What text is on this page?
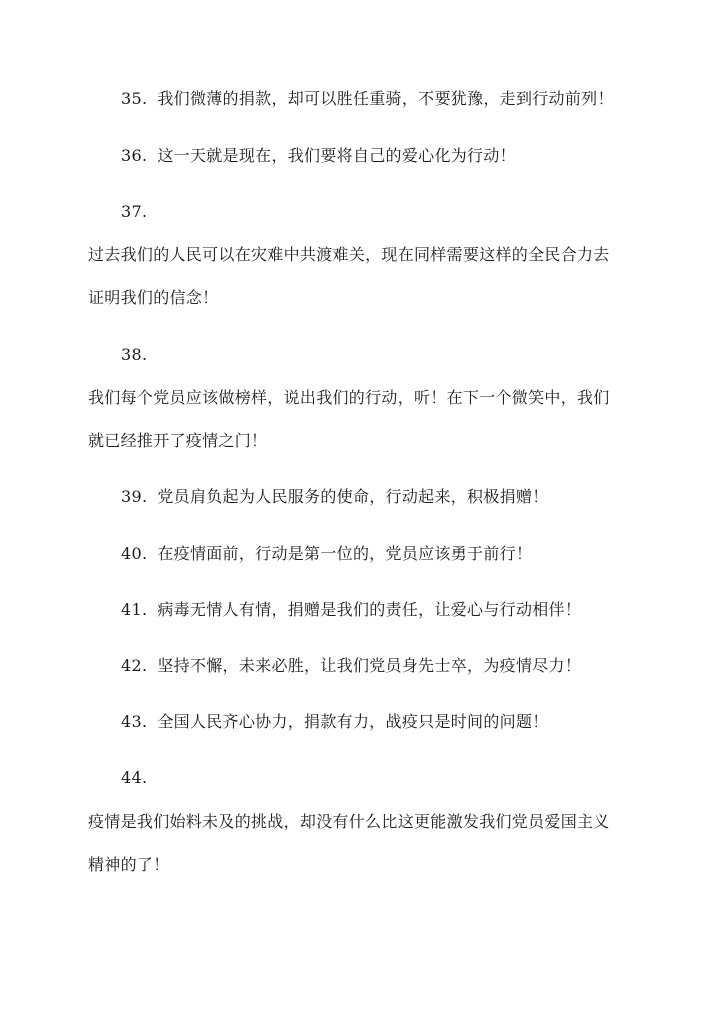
35. 我们微薄的捐款，却可以胜任重骑，不要犹豫，走到行动前列！
36. 这一天就是现在，我们要将自己的爱心化为行动！
37.
过去我们的人民可以在灾难中共渡难关，现在同样需要这样的全民合力去
证明我们的信念！
38.
我们每个党员应该做榜样，说出我们的行动，听！在下一个微笑中，我们
就已经推开了疫情之门！
39. 党员肩负起为人民服务的使命，行动起来，积极捐赠！
40. 在疫情面前，行动是第一位的，党员应该勇于前行！
41. 病毒无情人有情，捐赠是我们的责任，让爱心与行动相伴！
42. 坚持不懈，未来必胜，让我们党员身先士卒，为疫情尽力！
43. 全国人民齐心协力，捐款有力，战疫只是时间的问题！
44.
疫情是我们始料未及的挑战，却没有什么比这更能激发我们党员爱国主义
精神的了！
